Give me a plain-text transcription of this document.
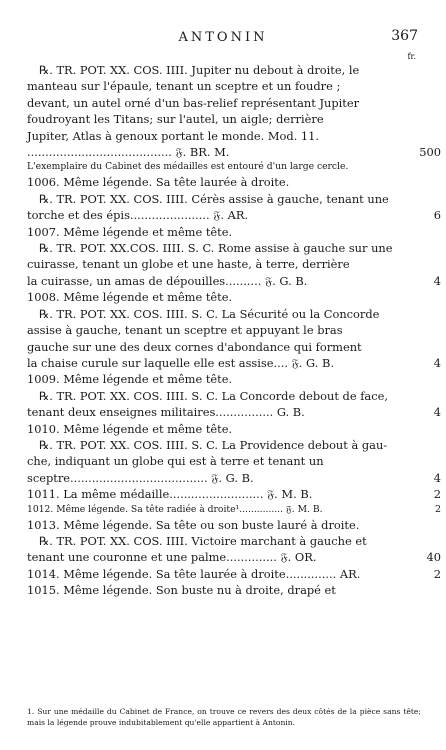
ANTONIN	367
fr.
℞. TR. POT. XX. COS. IIII. Jupiter nu debout à droite, le
manteau sur l'épaule, tenant un sceptre et un foudre ;
devant, un autel orné d'un bas-relief représentant Jupiter
foudroyant les Titans; sur l'autel, un aigle; derrière
Jupiter, Atlas à genoux portant le monde. Mod. 11.
........................................ 𝔉. BR. M.	500
L'exemplaire du Cabinet des médailles est entouré d'un large cercle.
1006. Même légende. Sa tête laurée à droite.
℞. TR. POT. XX. COS. IIII. Cérès assise à gauche, tenant une
torche et des épis...................... 𝔉. AR.	6
1007. Même légende et même tête.
℞. TR. POT. XX.COS. IIII. S. C. Rome assise à gauche sur une
cuirasse, tenant un globe et une haste, à terre, derrière
la cuirasse, un amas de dépouilles.......... 𝔉. G. B.	4
1008. Même légende et même tête.
℞. TR. POT. XX. COS. IIII. S. C. La Sécurité ou la Concorde
assise à gauche, tenant un sceptre et appuyant le bras
gauche sur une des deux cornes d'abondance qui forment
la chaise curule sur laquelle elle est assise.... 𝔉. G. B.	4
1009. Même légende et même tête.
℞. TR. POT. XX. COS. IIII. S. C. La Concorde debout de face,
tenant deux enseignes militaires................ G. B.	4
1010. Même légende et même tête.
℞. TR. POT. XX. COS. IIII. S. C. La Providence debout à gau-
che, indiquant un globe qui est à terre et tenant un
sceptre...................................... 𝔉. G. B.	4
1011. La même médaille.......................... 𝔉. M. B.	2
1012. Même légende. Sa tête radiée à droite¹............... 𝔉. M. B.	2
1013. Même légende. Sa tête ou son buste lauré à droite.
℞. TR. POT. XX. COS. IIII. Victoire marchant à gauche et
tenant une couronne et une palme.............. 𝔉. OR.	40
1014. Même légende. Sa tête laurée à droite.............. AR.	2
1015. Même légende. Son buste nu à droite, drapé et
1. Sur une médaille du Cabinet de France, on trouve ce revers des deux côtés de la pièce sans tête; mais la légende prouve indubitablement qu'elle appartient à Antonin.
